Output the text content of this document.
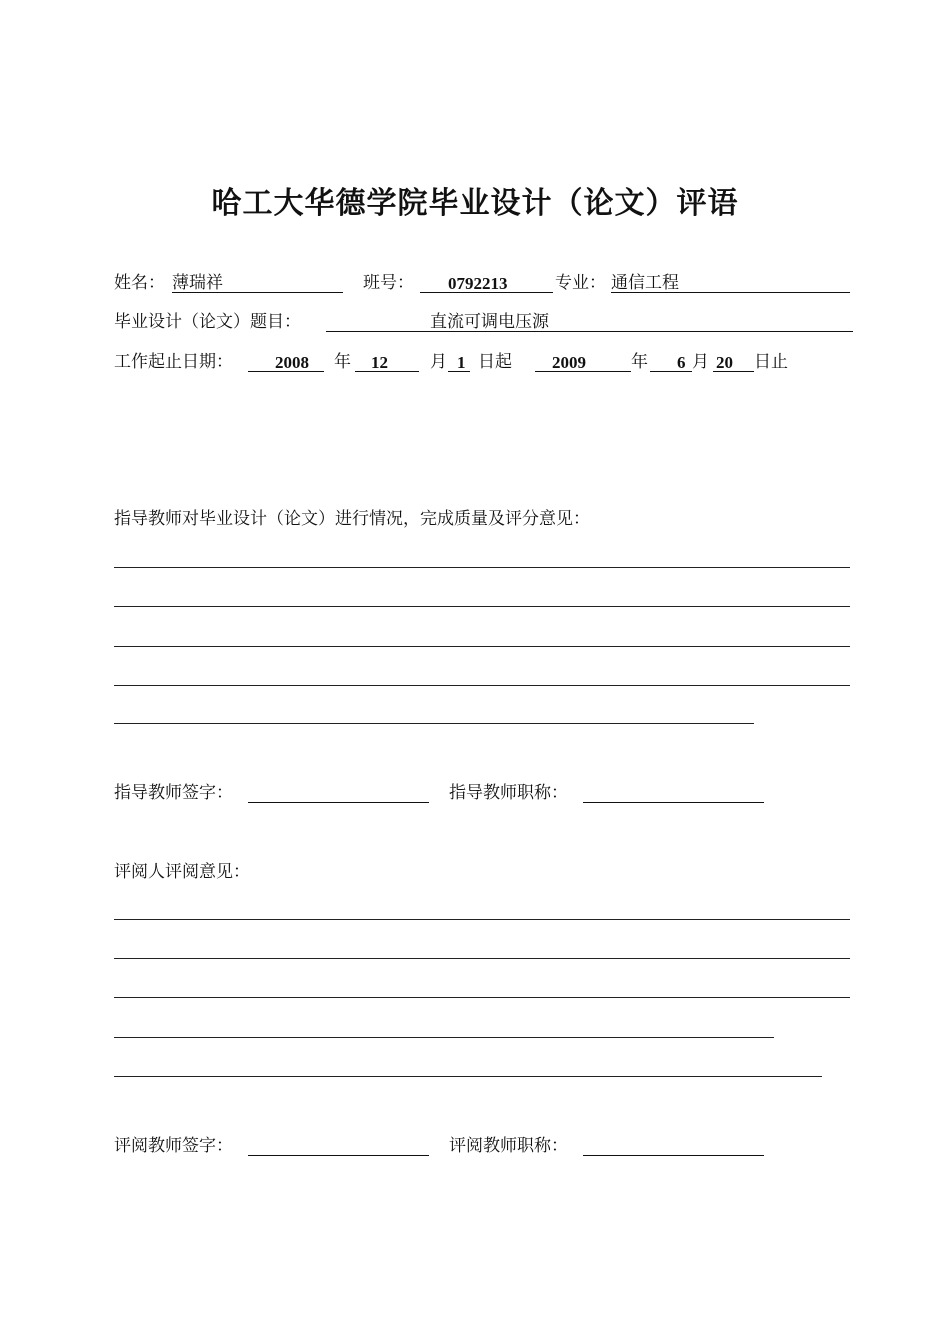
哈工大华德学院毕业设计（论文）评语
姓名： 薄瑞祥	班号： 0792213	专业： 通信工程
毕业设计（论文）题目：	直流可调电压源
工作起止日期： 2008 年 12 月 1 日起 2009	年 6 月 20 日止
指导教师对毕业设计（论文）进行情况，完成质量及评分意见：
指导教师签字：	指导教师职称：
评阅人评阅意见：
评阅教师签字：	评阅教师职称：
